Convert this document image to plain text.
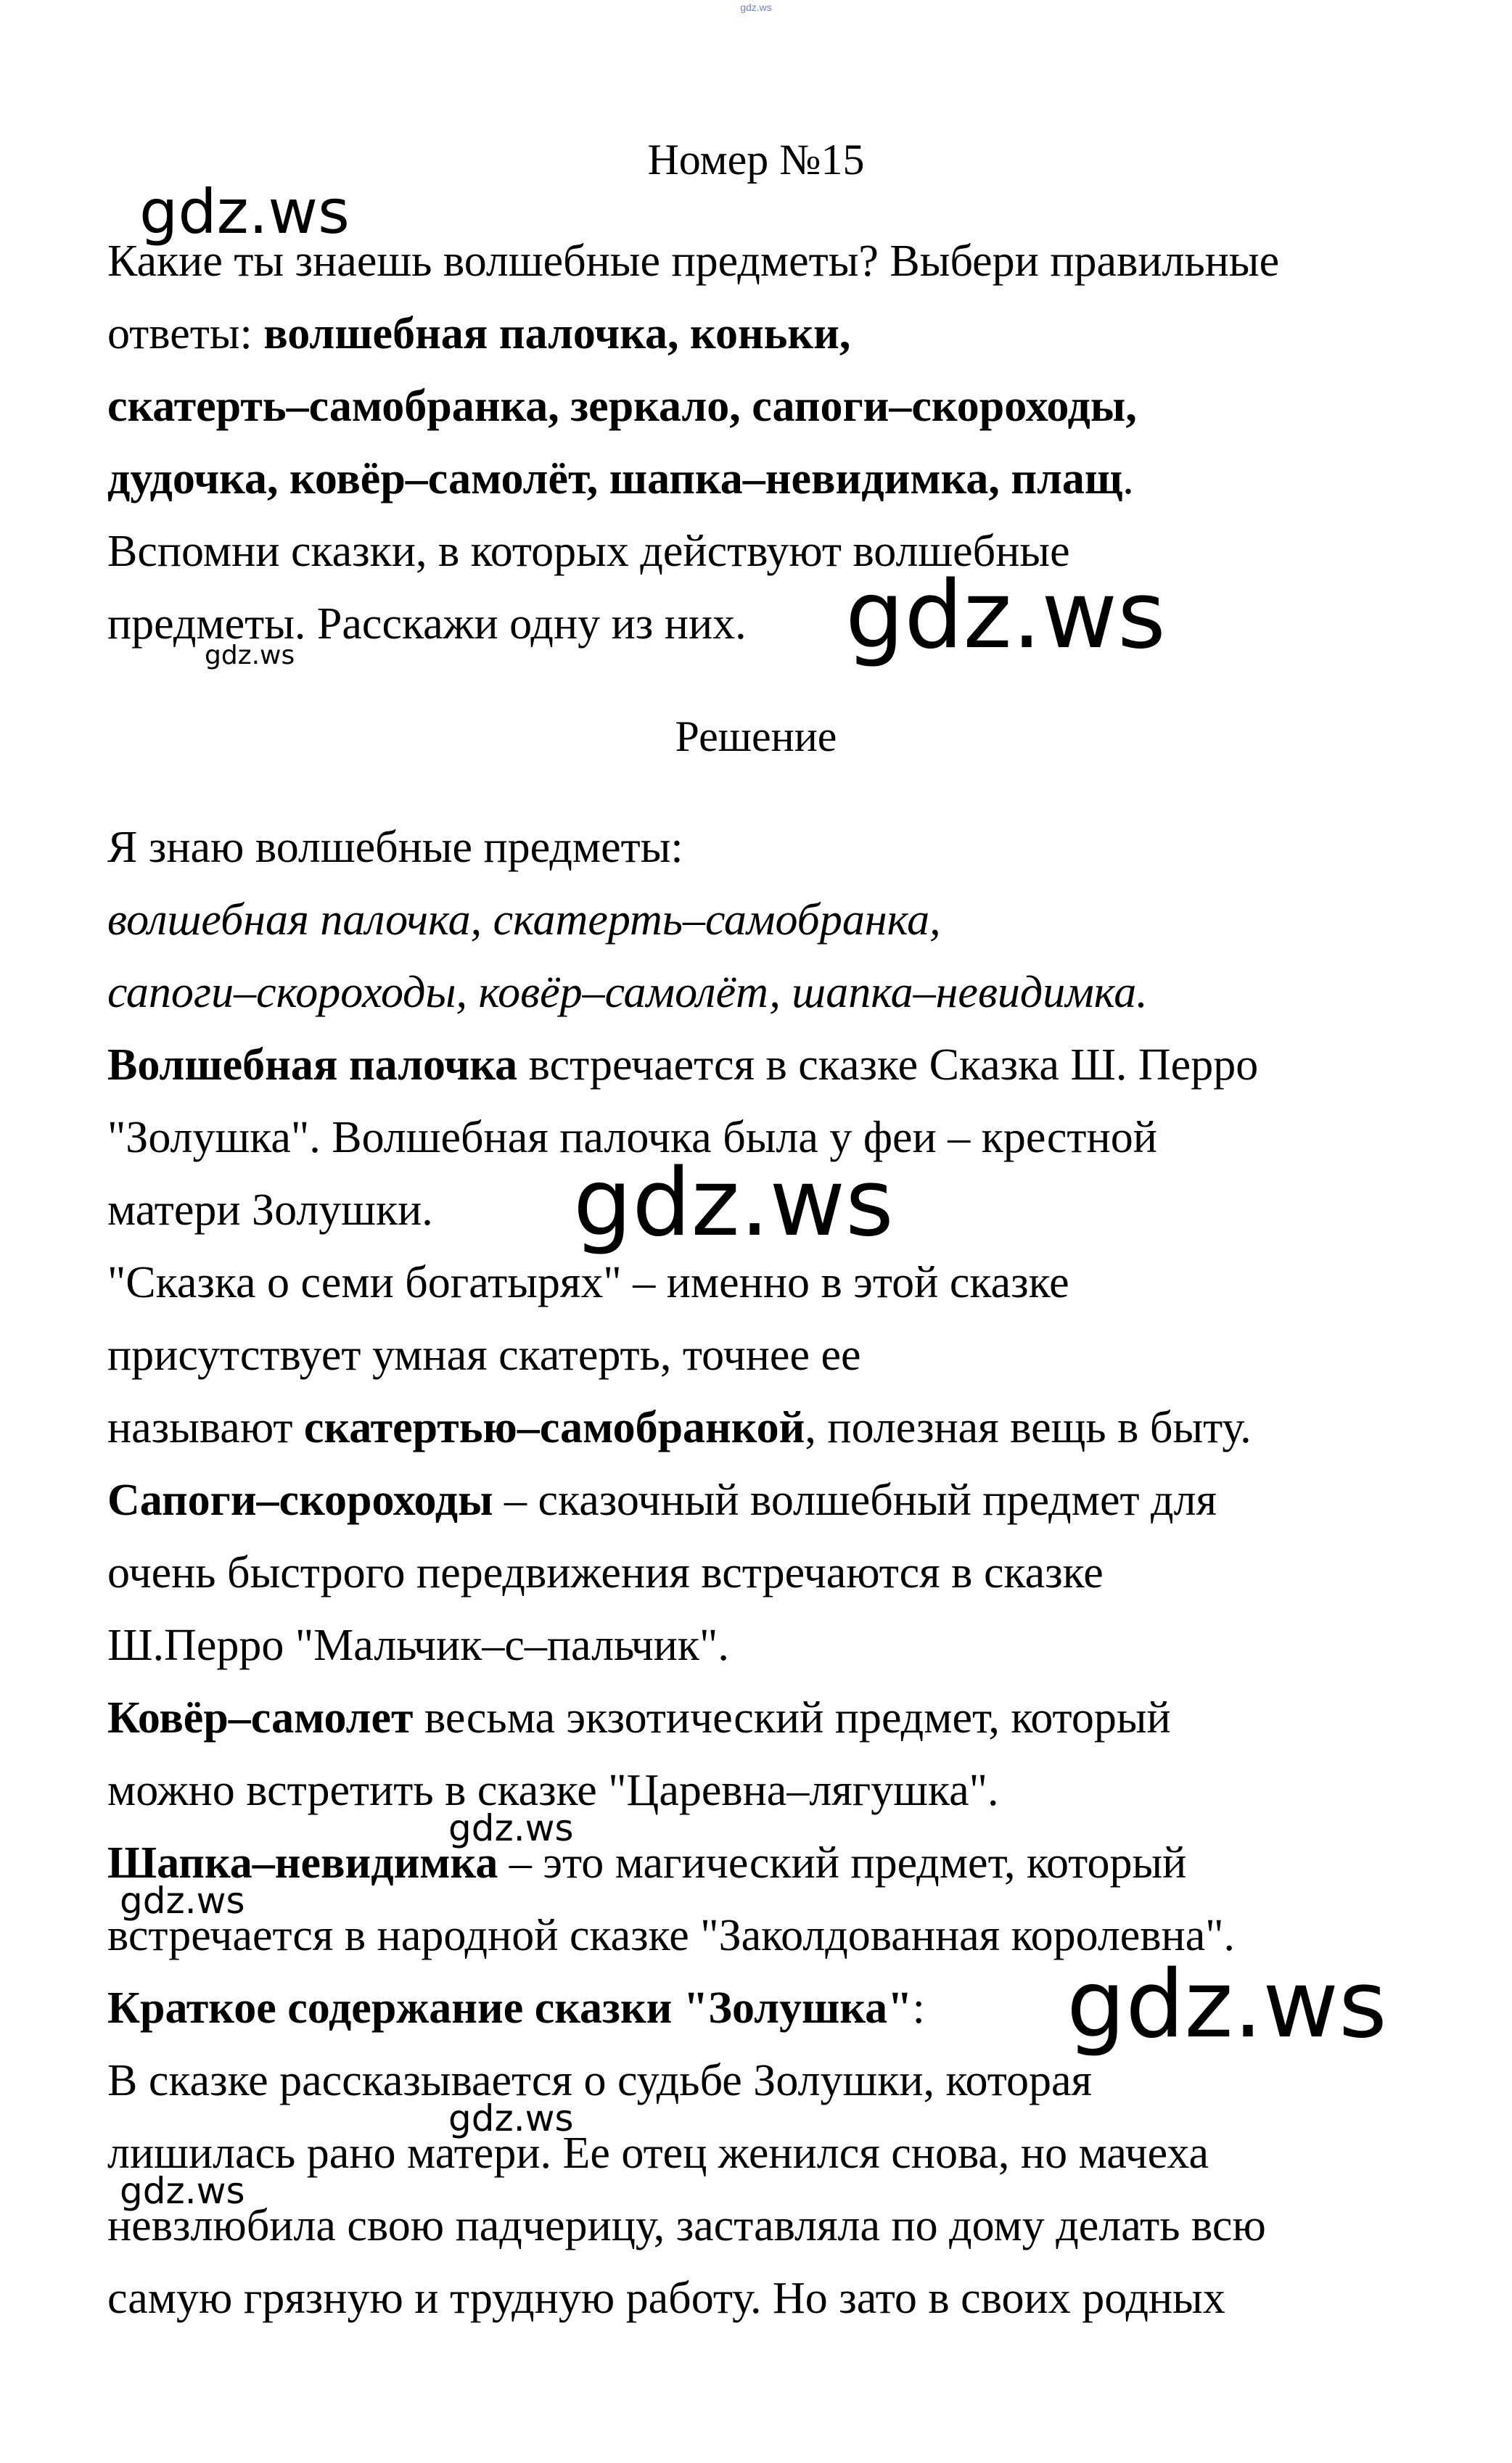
gdz.ws
Номер №15
Какие ты знаешь волшебные предметы? Выбери правильные
ответы: волшебная палочка, коньки,
скатерть–самобранка, зеркало, сапоги–скороходы,
дудочка, ковёр–самолёт, шапка–невидимка, плащ.
Вспомни сказки, в которых действуют волшебные
предметы. Расскажи одну из них.
Решение
Я знаю волшебные предметы:
волшебная палочка, скатерть–самобранка,
сапоги–скороходы, ковёр–самолёт, шапка–невидимка.
Волшебная палочка встречается в сказке Сказка Ш. Перро
"Золушка". Волшебная палочка была у феи – крестной
матери Золушки.
"Сказка о семи богатырях" – именно в этой сказке
присутствует умная скатерть, точнее ее
называют скатертью–самобранкой, полезная вещь в быту.
Сапоги–скороходы – сказочный волшебный предмет для
очень быстрого передвижения встречаются в сказке
Ш.Перро "Мальчик–с–пальчик".
Ковёр–самолет весьма экзотический предмет, который
можно встретить в сказке "Царевна–лягушка".
Шапка–невидимка – это магический предмет, который
встречается в народной сказке "Заколдованная королевна".
Краткое содержание сказки "Золушка":
В сказке рассказывается о судьбе Золушки, которая
лишилась рано матери. Ее отец женился снова, но мачеха
невзлюбила свою падчерицу, заставляла по дому делать всю
самую грязную и трудную работу. Но зато в своих родных
gdz.ws
gdz.ws
gdz.ws
gdz.ws
gdz.ws
gdz.ws
gdz.ws
gdz.ws
gdz.ws
